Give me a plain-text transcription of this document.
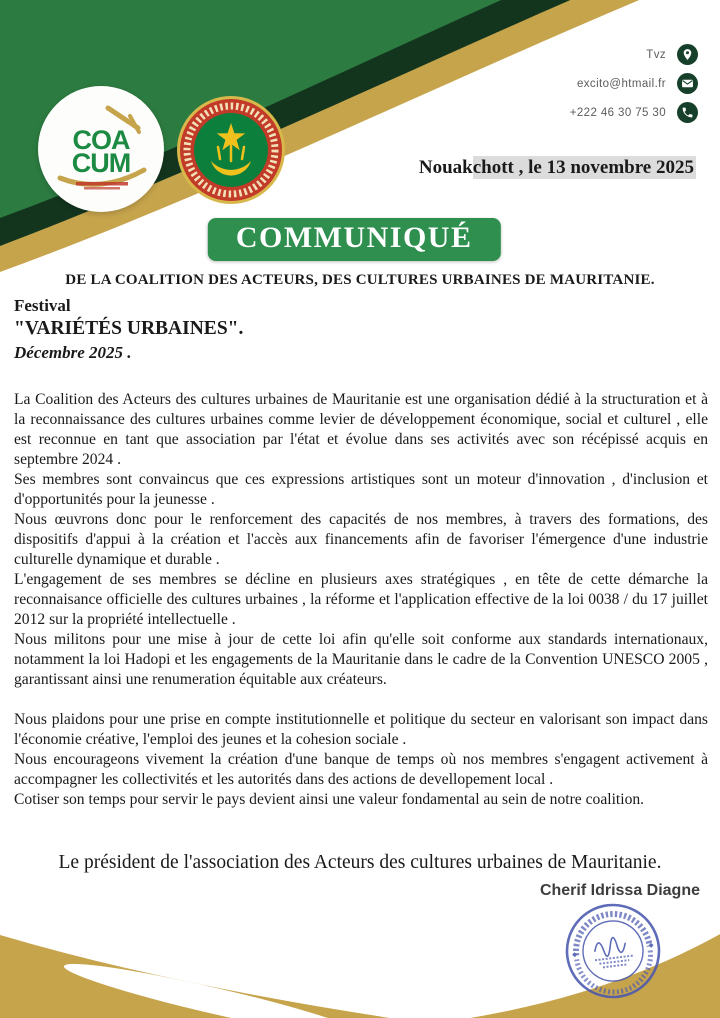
COA
CUM
Tvz
excito@htmail.fr
+222 46 30 75 30
Nouakchott , le 13 novembre 2025
COMMUNIQUÉ
DE LA COALITION DES ACTEURS, DES CULTURES URBAINES DE MAURITANIE.
Festival
"VARIÉTÉS URBAINES".
Décembre 2025 .

La Coalition des Acteurs des cultures urbaines de Mauritanie est une organisation dédié à la structuration et à la reconnaissance des cultures urbaines comme levier de développement économique, social et culturel , elle est reconnue en tant que association par l'état et évolue dans ses activités avec son récépissé acquis en septembre 2024 .

Ses membres sont convaincus que ces expressions artistiques sont un moteur d'innovation , d'inclusion et d'opportunités pour la jeunesse .

Nous œuvrons donc pour le renforcement des capacités de nos membres, à travers des formations, des dispositifs d'appui à la création et l'accès aux financements afin de favoriser l'émergence d'une industrie culturelle dynamique et durable .

L'engagement de ses membres se décline en plusieurs axes stratégiques , en tête de cette démarche la reconnaisance officielle des cultures urbaines , la réforme et l'application effective de la loi 0038 / du 17 juillet 2012 sur la propriété intellectuelle .

Nous militons pour une mise à jour de cette loi afin qu'elle soit conforme aux standards internationaux, notamment la loi Hadopi et les engagements de la Mauritanie dans le cadre de la Convention UNESCO 2005 , garantissant ainsi une renumeration équitable aux créateurs.

Nous plaidons pour une prise en compte institutionnelle et politique du secteur en valorisant son impact dans l'économie créative, l'emploi des jeunes et la cohesion sociale .

Nous encourageons vivement la création d'une banque de temps où nos membres s'engagent activement à accompagner les collectivités et les autorités dans des actions de devellopement local .

Cotiser son temps pour servir le pays devient ainsi une valeur fondamental au sein de notre coalition.

Le président de l'association des Acteurs des cultures urbaines de Mauritanie.
Cherif Idrissa Diagne
